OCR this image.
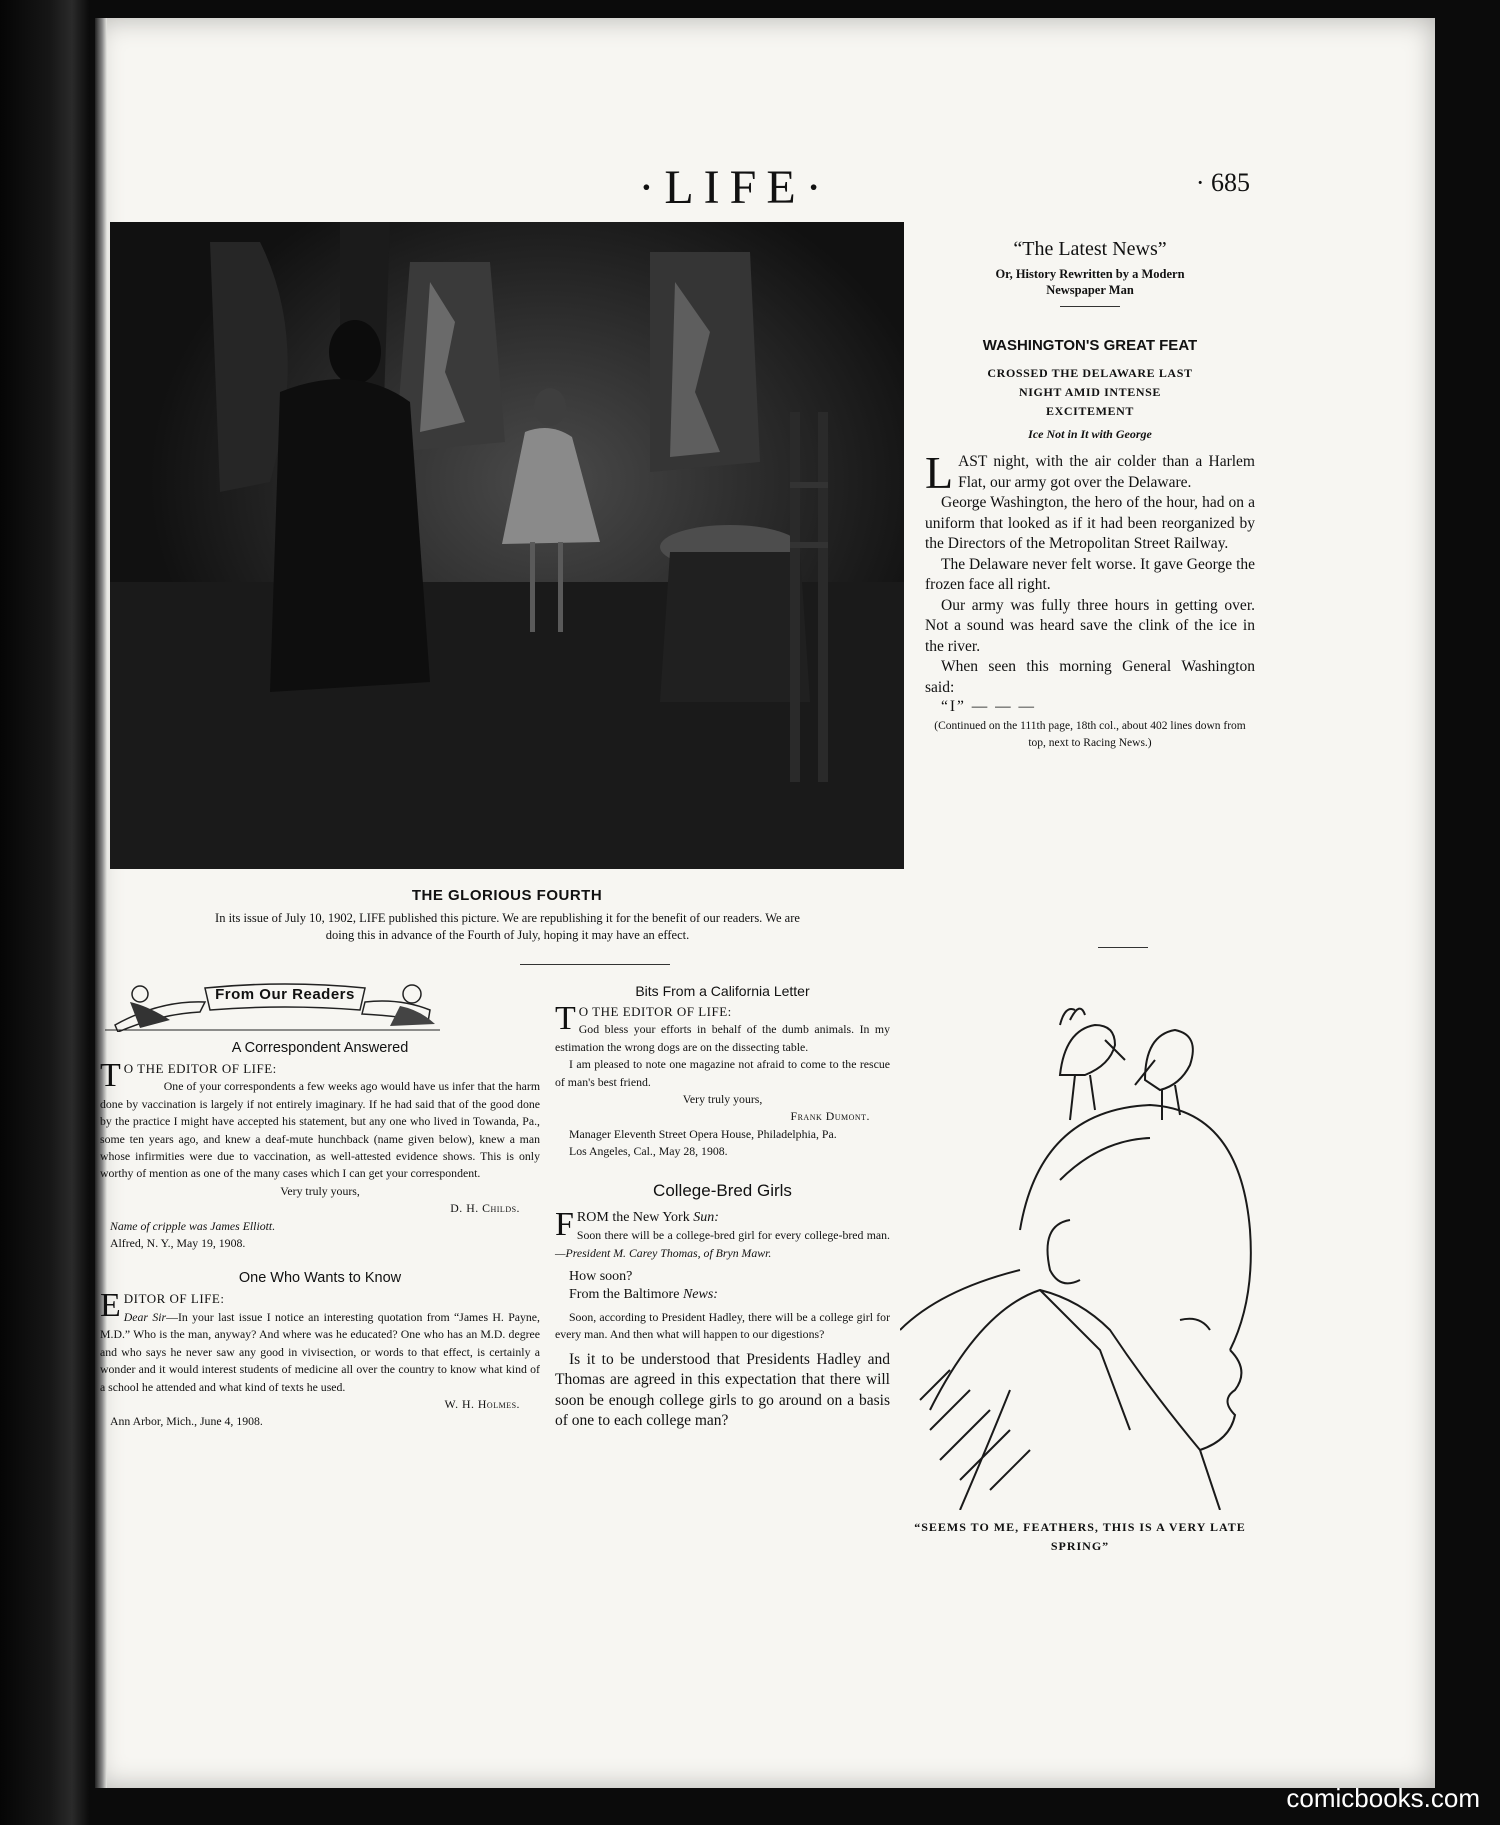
·LIFE·	· 685
THE GLORIOUS FOURTH
In its issue of July 10, 1902, LIFE published this picture. We are republishing it for the benefit of our readers. We are
doing this in advance of the Fourth of July, hoping it may have an effect.
“The Latest News”
Or, History Rewritten by a Modern
Newspaper Man
WASHINGTON'S GREAT FEAT
CROSSED THE DELAWARE LAST
NIGHT AMID INTENSE
EXCITEMENT
Ice Not in It with George

LAST night, with the air colder than a Harlem Flat, our army got over the Delaware.

George Washington, the hero of the hour, had on a uniform that looked as if it had been reorganized by the Directors of the Metropolitan Street Railway.

The Delaware never felt worse. It gave George the frozen face all right.

Our army was fully three hours in getting over. Not a sound was heard save the clink of the ice in the river.

When seen this morning General Washington said:

“I” — — —
(Continued on the 111th page, 18th col., about 402 lines down from top, next to Racing News.)
From Our Readers
A Correspondent Answered

T O THE EDITOR OF LIFE:

One of your correspondents a few weeks ago would have us infer that the harm done by vaccination is largely if not entirely imaginary. If he had said that of the good done by the practice I might have accepted his statement, but any one who lived in Towanda, Pa., some ten years ago, and knew a deaf-mute hunchback (name given below), knew a man whose infirmities were due to vaccination, as well-attested evidence shows. This is only worthy of mention as one of the many cases which I can get your correspondent.

Very truly yours,

D. H. Childs.

Name of cripple was James Elliott.

Alfred, N. Y., May 19, 1908.

One Who Wants to Know

EDITOR OF LIFE:

Dear Sir—In your last issue I notice an interesting quotation from “James H. Payne, M.D.” Who is the man, anyway? And where was he educated? One who has an M.D. degree and who says he never saw any good in vivisection, or words to that effect, is certainly a wonder and it would interest students of medicine all over the country to know what kind of a school he attended and what kind of texts he used.

W. H. Holmes.

Ann Arbor, Mich., June 4, 1908.

Bits From a California Letter

T O THE EDITOR OF LIFE:

God bless your efforts in behalf of the dumb animals. In my estimation the wrong dogs are on the dissecting table.

I am pleased to note one magazine not afraid to come to the rescue of man's best friend.

Very truly yours,

Frank Dumont.

Manager Eleventh Street Opera House, Philadelphia, Pa.

Los Angeles, Cal., May 28, 1908.

College-Bred Girls

FROM the New York Sun:

Soon there will be a college-bred girl for every college-bred man.—President M. Carey Thomas, of Bryn Mawr.

How soon?

From the Baltimore News:

Soon, according to President Hadley, there will be a college girl for every man. And then what will happen to our digestions?

Is it to be understood that Presidents Hadley and Thomas are agreed in this expectation that there will soon be enough college girls to go around on a basis of one to each college man?

“SEEMS TO ME, FEATHERS, THIS IS A VERY LATE SPRING”
comicbooks.com
